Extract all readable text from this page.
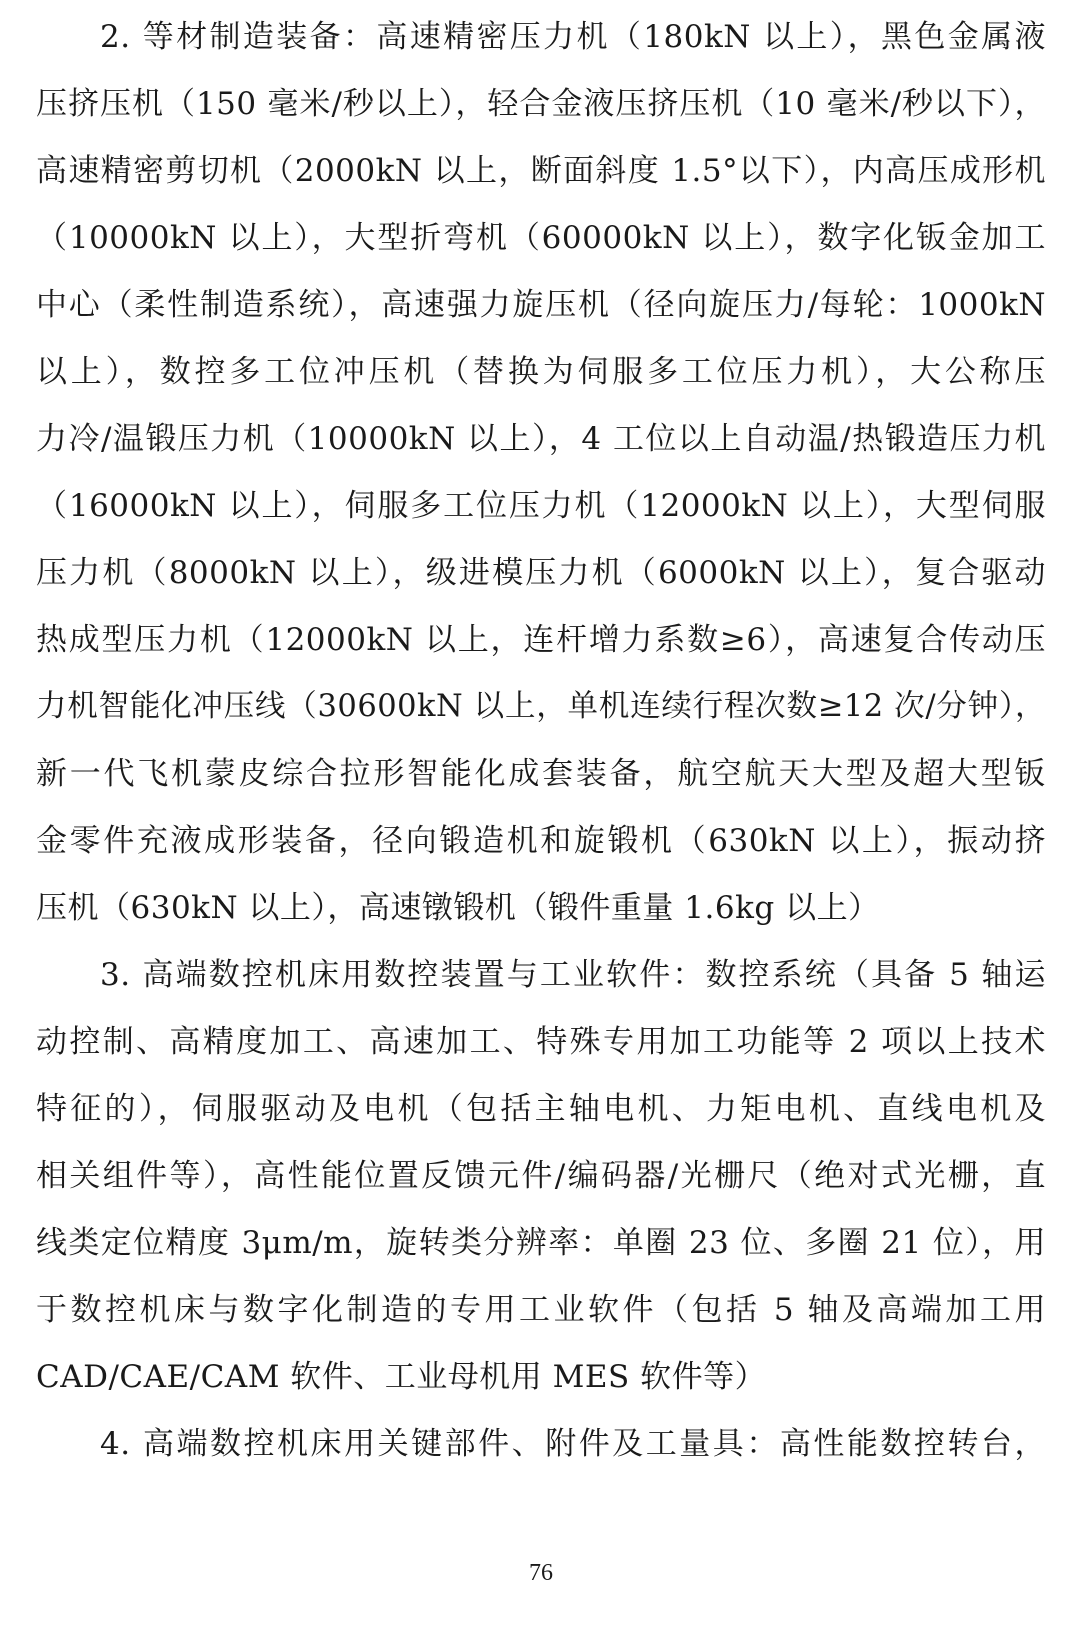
2. 等材制造装备：高速精密压力机（180kN 以上），黑色金属液
压挤压机（150 毫米/秒以上），轻合金液压挤压机（10 毫米/秒以下），
高速精密剪切机（2000kN 以上，断面斜度 1.5°以下），内高压成形机
（10000kN 以上），大型折弯机（60000kN 以上），数字化钣金加工
中心（柔性制造系统），高速强力旋压机（径向旋压力/每轮：1000kN
以上），数控多工位冲压机（替换为伺服多工位压力机），大公称压
力冷/温锻压力机（10000kN 以上），4 工位以上自动温/热锻造压力机
（16000kN 以上），伺服多工位压力机（12000kN 以上），大型伺服
压力机（8000kN 以上），级进模压力机（6000kN 以上），复合驱动
热成型压力机（12000kN 以上，连杆增力系数≥6），高速复合传动压
力机智能化冲压线（30600kN 以上，单机连续行程次数≥12 次/分钟），
新一代飞机蒙皮综合拉形智能化成套装备，航空航天大型及超大型钣
金零件充液成形装备，径向锻造机和旋锻机（630kN 以上），振动挤
压机（630kN 以上），高速镦锻机（锻件重量 1.6kg 以上）
3. 高端数控机床用数控装置与工业软件：数控系统（具备 5 轴运
动控制、高精度加工、高速加工、特殊专用加工功能等 2 项以上技术
特征的），伺服驱动及电机（包括主轴电机、力矩电机、直线电机及
相关组件等），高性能位置反馈元件/编码器/光栅尺（绝对式光栅，直
线类定位精度 3μm/m，旋转类分辨率：单圈 23 位、多圈 21 位），用
于数控机床与数字化制造的专用工业软件（包括 5 轴及高端加工用
CAD/CAE/CAM 软件、工业母机用 MES 软件等）
4. 高端数控机床用关键部件、附件及工量具：高性能数控转台，
76
